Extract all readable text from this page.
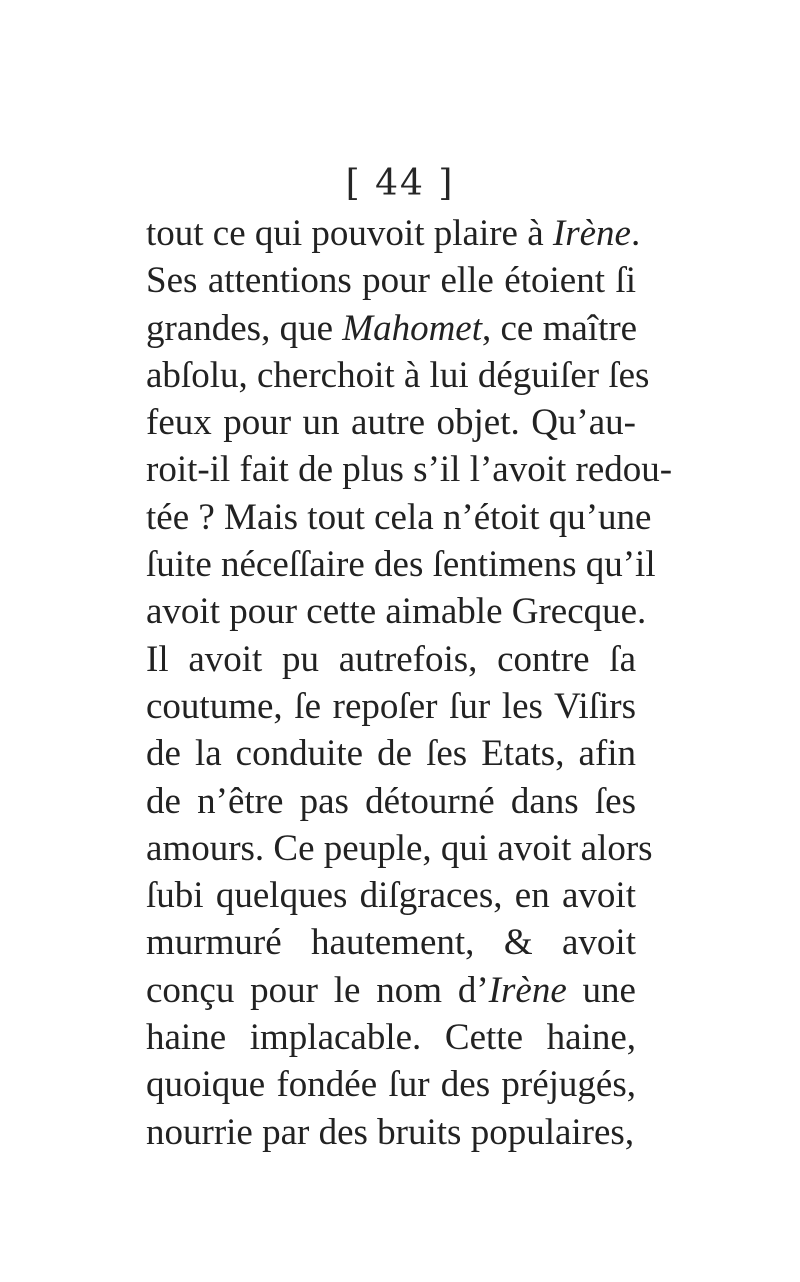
[ 44 ]
tout ce qui pouvoit plaire à Irène.
Ses attentions pour elle étoient ſi
grandes, que Mahomet, ce maître
abſolu, cherchoit à lui déguiſer ſes
feux pour un autre objet. Qu’au-
roit-il fait de plus s’il l’avoit redou-
tée ? Mais tout cela n’étoit qu’une
ſuite néceſſaire des ſentimens qu’il
avoit pour cette aimable Grecque.
Il avoit pu autrefois, contre ſa
coutume, ſe repoſer ſur les Viſirs
de la conduite de ſes Etats, afin
de n’être pas détourné dans ſes
amours. Ce peuple, qui avoit alors
ſubi quelques diſgraces, en avoit
murmuré hautement, & avoit
conçu pour le nom d’Irène une
haine implacable. Cette haine,
quoique fondée ſur des préjugés,
nourrie par des bruits populaires,
